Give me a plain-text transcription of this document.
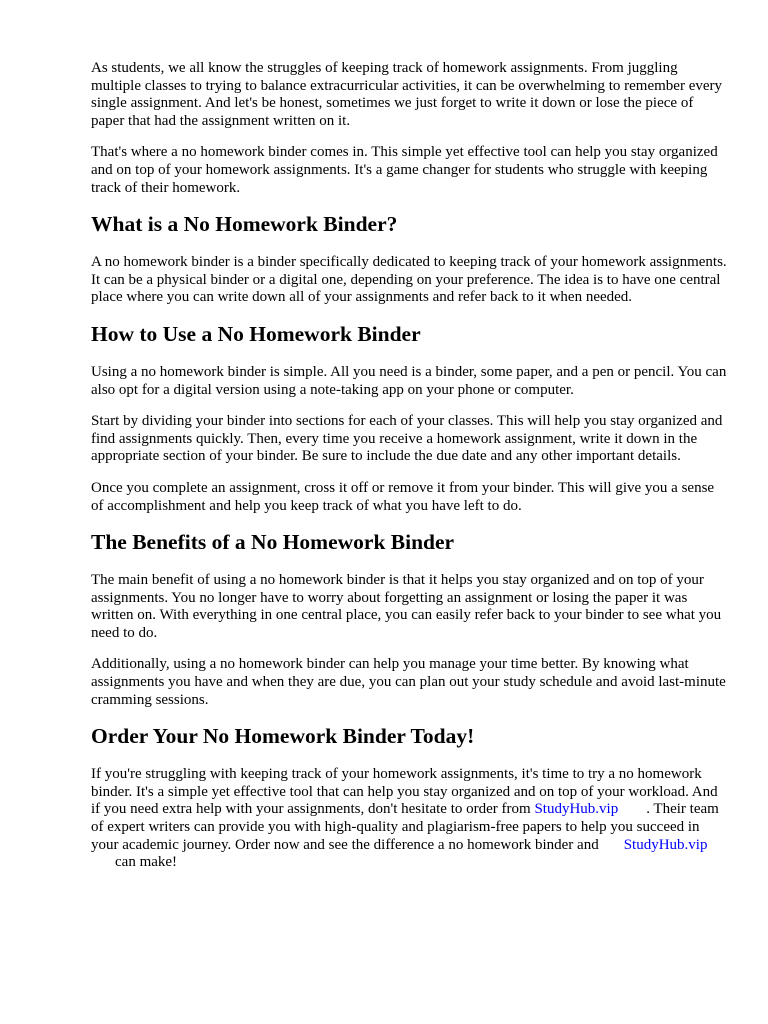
As students, we all know the struggles of keeping track of homework assignments. From juggling multiple classes to trying to balance extracurricular activities, it can be overwhelming to remember every single assignment. And let's be honest, sometimes we just forget to write it down or lose the piece of paper that had the assignment written on it.

That's where a no homework binder comes in. This simple yet effective tool can help you stay organized and on top of your homework assignments. It's a game changer for students who struggle with keeping track of their homework.

What is a No Homework Binder?

A no homework binder is a binder specifically dedicated to keeping track of your homework assignments. It can be a physical binder or a digital one, depending on your preference. The idea is to have one central place where you can write down all of your assignments and refer back to it when needed.

How to Use a No Homework Binder

Using a no homework binder is simple. All you need is a binder, some paper, and a pen or pencil. You can also opt for a digital version using a note-taking app on your phone or computer.

Start by dividing your binder into sections for each of your classes. This will help you stay organized and find assignments quickly. Then, every time you receive a homework assignment, write it down in the appropriate section of your binder. Be sure to include the due date and any other important details.

Once you complete an assignment, cross it off or remove it from your binder. This will give you a sense of accomplishment and help you keep track of what you have left to do.

The Benefits of a No Homework Binder

The main benefit of using a no homework binder is that it helps you stay organized and on top of your assignments. You no longer have to worry about forgetting an assignment or losing the paper it was written on. With everything in one central place, you can easily refer back to your binder to see what you need to do.

Additionally, using a no homework binder can help you manage your time better. By knowing what assignments you have and when they are due, you can plan out your study schedule and avoid last-minute cramming sessions.

Order Your No Homework Binder Today!

If you're struggling with keeping track of your homework assignments, it's time to try a no homework binder. It's a simple yet effective tool that can help you stay organized and on top of your workload. And if you need extra help with your assignments, don't hesitate to order from StudyHub.vip . Their team of expert writers can provide you with high-quality and plagiarism-free papers to help you succeed in your academic journey. Order now and see the difference a no homework binder and StudyHub.vipcan make!
